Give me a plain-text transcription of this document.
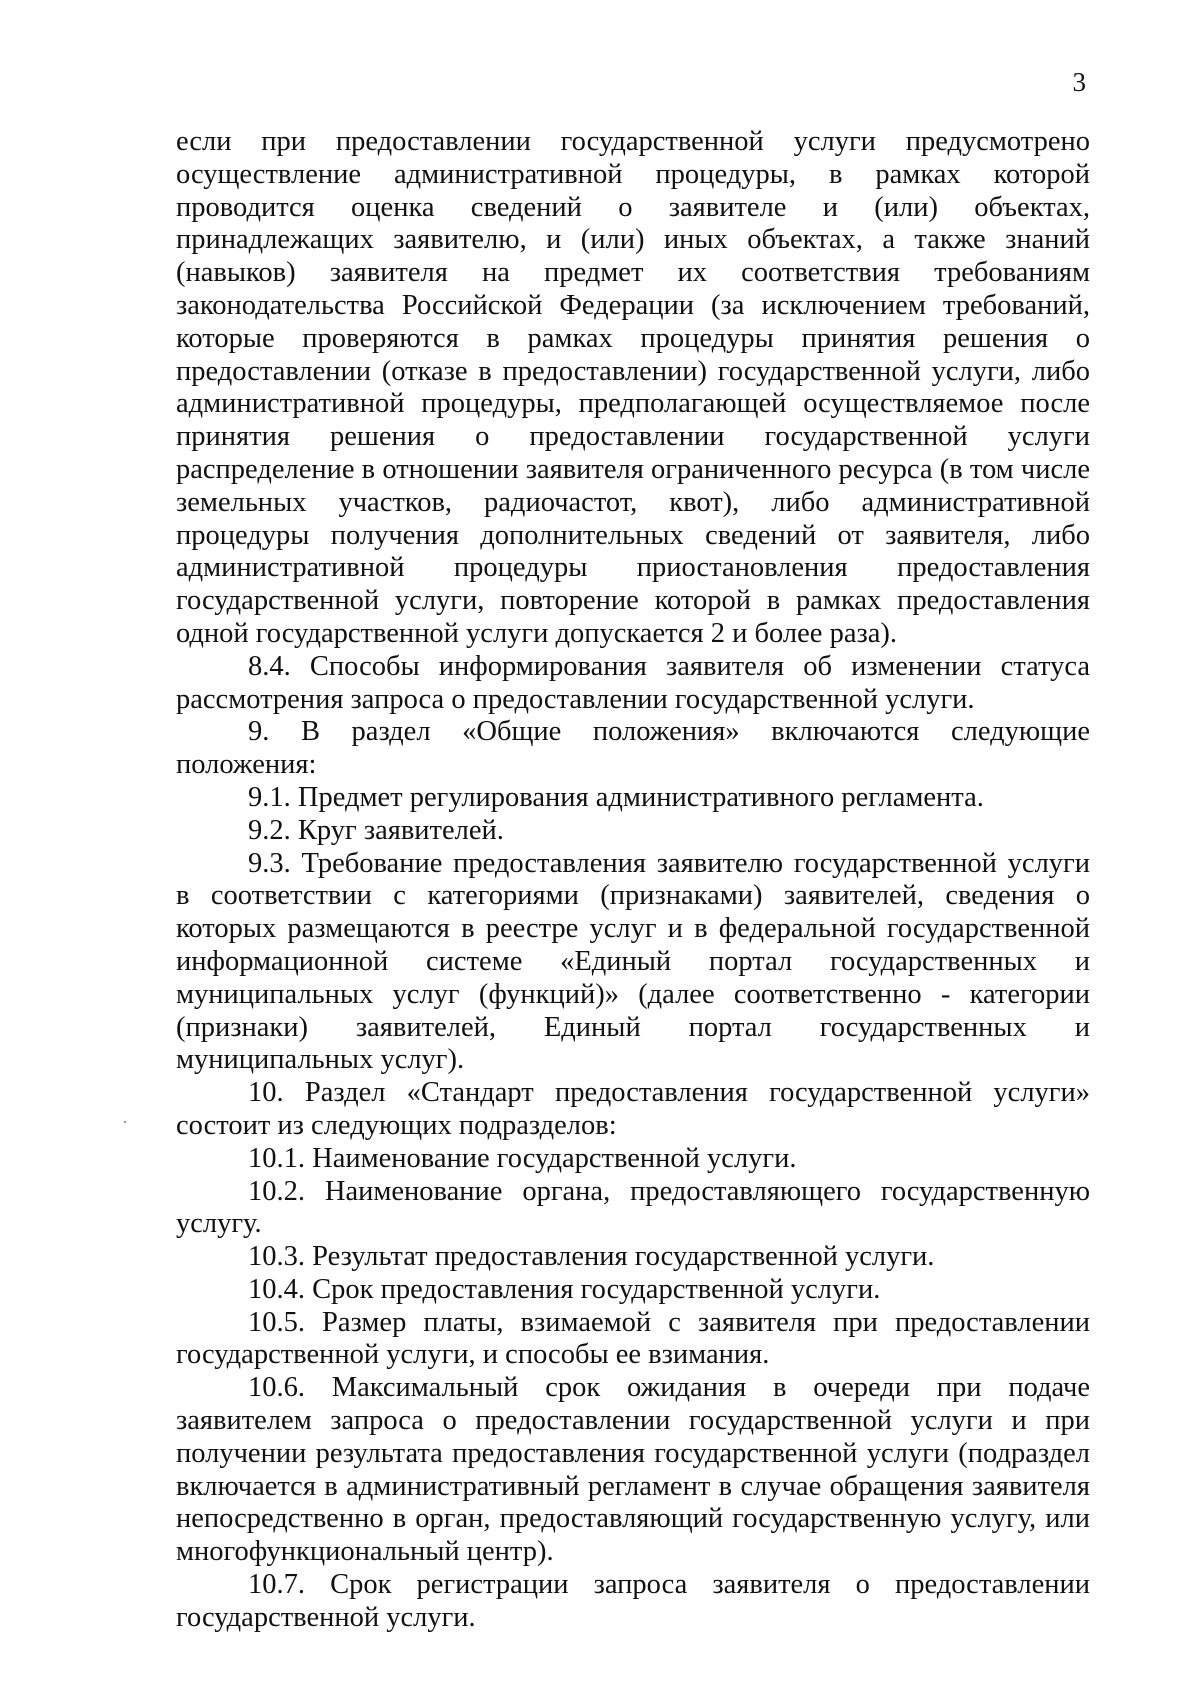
3

если при предоставлении государственной услуги предусмотрено осуществление административной процедуры, в рамках которой проводится оценка сведений о заявителе и (или) объектах, принадлежащих заявителю, и (или) иных объектах, а также знаний (навыков) заявителя на предмет их соответствия требованиям законодательства Российской Федерации (за исключением требований, которые проверяются в рамках процедуры принятия решения о предоставлении (отказе в предоставлении) государственной услуги, либо административной процедуры, предполагающей осуществляемое после принятия решения о предоставлении государственной услуги распределение в отношении заявителя ограниченного ресурса (в том числе земельных участков, радиочастот, квот), либо административной процедуры получения дополнительных сведений от заявителя, либо административной процедуры приостановления предоставления государственной услуги, повторение которой в рамках предоставления одной государственной услуги допускается 2 и более раза).

8.4. Способы информирования заявителя об изменении статуса рассмотрения запроса о предоставлении государственной услуги.

9. В раздел «Общие положения» включаются следующие положения:

9.1. Предмет регулирования административного регламента.

9.2. Круг заявителей.

9.3. Требование предоставления заявителю государственной услуги в соответствии с категориями (признаками) заявителей, сведения о которых размещаются в реестре услуг и в федеральной государственной информационной системе «Единый портал государственных и муниципальных услуг (функций)» (далее соответственно - категории (признаки) заявителей, Единый портал государственных и муниципальных услуг).

10. Раздел «Стандарт предоставления государственной услуги» состоит из следующих подразделов:

10.1. Наименование государственной услуги.

10.2. Наименование органа, предоставляющего государственную услугу.

10.3. Результат предоставления государственной услуги.

10.4. Срок предоставления государственной услуги.

10.5. Размер платы, взимаемой с заявителя при предоставлении государственной услуги, и способы ее взимания.

10.6. Максимальный срок ожидания в очереди при подаче заявителем запроса о предоставлении государственной услуги и при получении результата предоставления государственной услуги (подраздел включается в административный регламент в случае обращения заявителя непосредственно в орган, предоставляющий государственную услугу, или многофункциональный центр).

10.7. Срок регистрации запроса заявителя о предоставлении государственной услуги.
